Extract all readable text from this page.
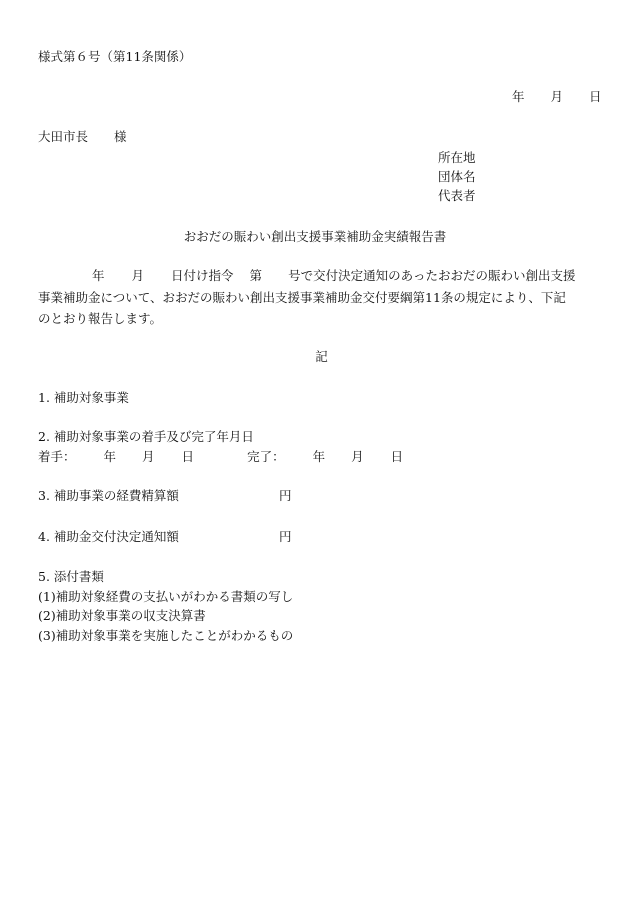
様式第６号（第11条関係）
年 月 日
大田市長 様
所在地
団体名
代表者
おおだの賑わい創出支援事業補助金実績報告書
年 月 日付け指令 第 号で交付決定通知のあったおおだの賑わい創出支援
事業補助金について、おおだの賑わい創出支援事業補助金交付要綱第11条の規定により、下記
のとおり報告します。
記
1. 補助対象事業
2. 補助対象事業の着手及び完了年月日
着手： 年 月 日	完了： 年 月 日
3. 補助事業の経費精算額	円
4. 補助金交付決定通知額	円
5. 添付書類
(1)補助対象経費の支払いがわかる書類の写し
(2)補助対象事業の収支決算書
(3)補助対象事業を実施したことがわかるもの
